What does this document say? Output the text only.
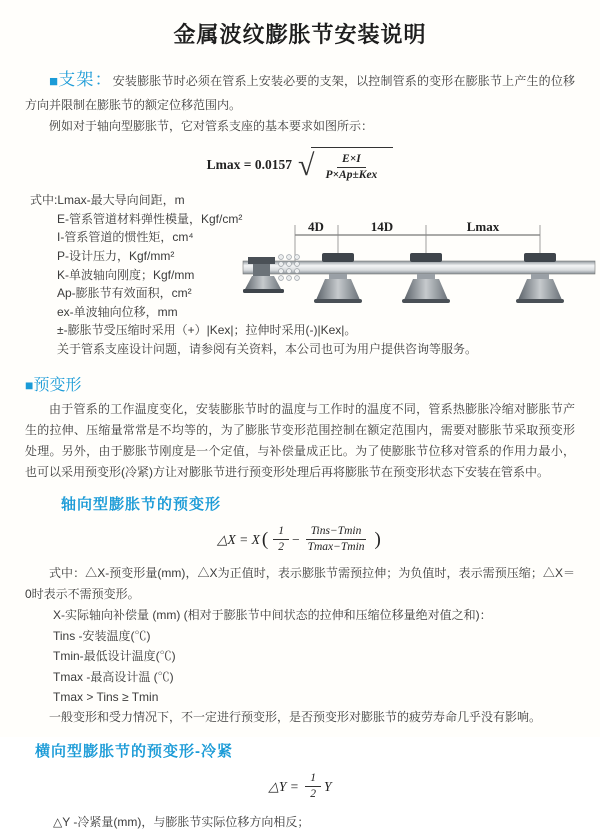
金属波纹膨胀节安装说明

■支架：安装膨胀节时必须在管系上安装必要的支架，以控制管系的变形在膨胀节上产生的位移方向并限制在膨胀节的额定位移范围内。

例如对于轴向型膨胀节，它对管系支座的基本要求如图所示：

Lmax = 0.0157 √ $\frac{E\times I}{\text{P×Ap±Kex}}$
式中:Lmax-最大导向间距，m
E-管系管道材料弹性模量，Kgf/cm²
I-管系管道的惯性矩，cm⁴
P-设计压力，Kgf/mm²
K-单波轴向刚度；Kgf/mm
Ap-膨胀节有效面积，cm²
ex-单波轴向位移，mm
±-膨胀节受压缩时采用（+）|Kex|；拉伸时采用(-)|Kex|。
关于管系支座设计问题，请参阅有关资料，本公司也可为用户提供咨询等服务。
4D	14D	Lmax
■预变形

由于管系的工作温度变化，安装膨胀节时的温度与工作时的温度不同，管系热膨胀冷缩对膨胀节产生的拉伸、压缩量常常是不均等的，为了膨胀节变形范围控制在额定范围内，需要对膨胀节采取预变形处理。另外，由于膨胀节刚度是一个定值，与补偿量成正比。为了使膨胀节位移对管系的作用力最小，也可以采用预变形(冷紧)方让对膨胀节进行预变形处理后再将膨胀节在预变形状态下安装在管系中。

轴向型膨胀节的预变形
△X = X ( $\frac{1}{2} - \frac{\text{Tins−Tmin}}{Tmax-Tmin}$ )

式中：△X-预变形量(mm)，△X为正值时，表示膨胀节需预拉伸；为负值时，表示需预压缩；△X＝0时表示不需预变形。

X-实际轴向补偿量 (mm) (相对于膨胀节中间状态的拉伸和压缩位移量绝对值之和)：
Tins -安装温度(℃)
Tmin-最低设计温度(℃)
Tmax -最高设计温 (℃)
Tmax > Tins ≥ Tmin

一般变形和受力情况下，不一定进行预变形，是否预变形对膨胀节的疲劳寿命几乎没有影响。

横向型膨胀节的预变形-冷紧
△Y =
$\frac{1}{2}$ Y
△Y -冷紧量(mm)，与膨胀节实际位移方向相反；
